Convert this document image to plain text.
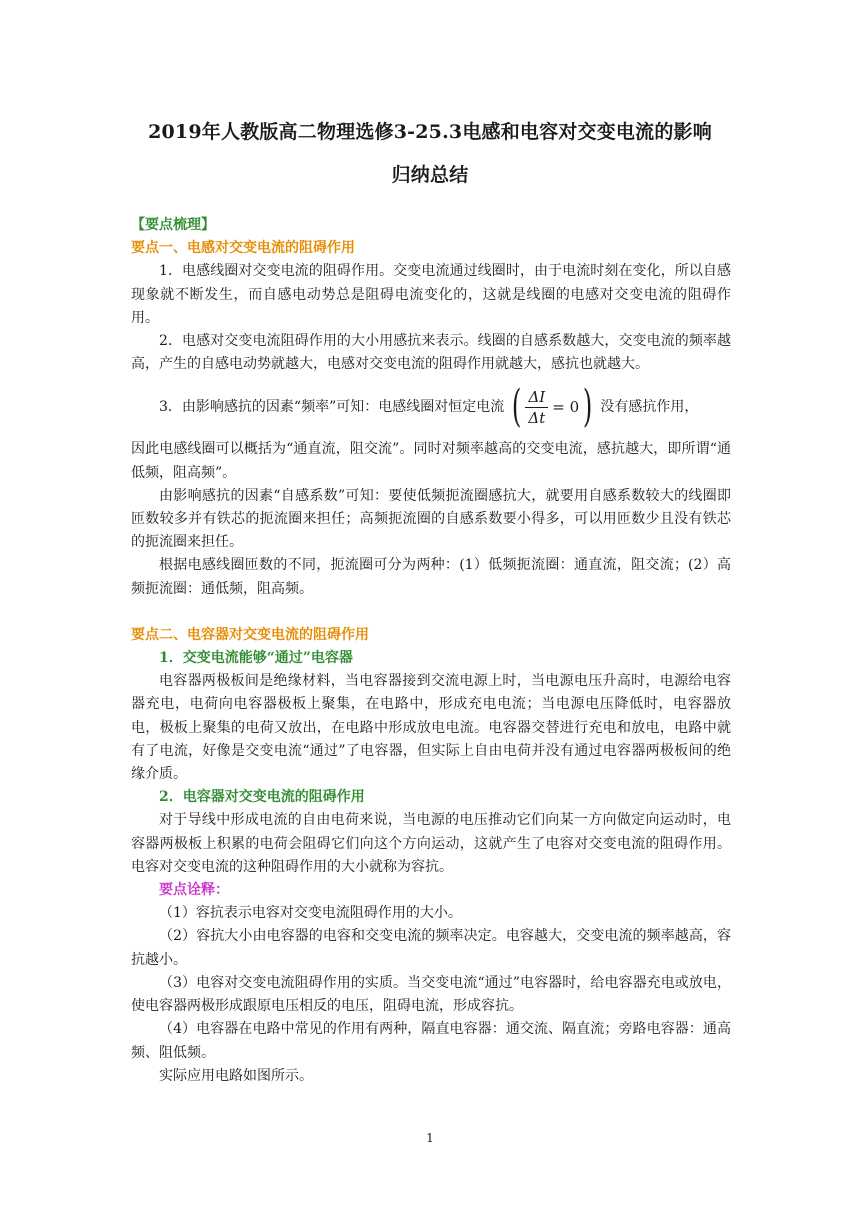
2019年人教版高二物理选修3-25.3电感和电容对交变电流的影响
归纳总结

【要点梳理】

要点一、电感对交变电流的阻碍作用

1．电感线圈对交变电流的阻碍作用。交变电流通过线圈时，由于电流时刻在变化，所以自感现象就不断发生，而自感电动势总是阻碍电流变化的，这就是线圈的电感对交变电流的阻碍作用。

2．电感对交变电流阻碍作用的大小用感抗来表示。线圈的自感系数越大，交变电流的频率越高，产生的自感电动势就越大，电感对交变电流的阻碍作用就越大，感抗也就越大。

3．由影响感抗的因素“频率”可知：电感线圈对恒定电流 ( $\frac{\Delta I}{\Delta t} = 0$ ) 没有感抗作用，

因此电感线圈可以概括为“通直流，阻交流”。同时对频率越高的交变电流，感抗越大，即所谓“通低频，阻高频”。

由影响感抗的因素“自感系数”可知：要使低频扼流圈感抗大，就要用自感系数较大的线圈即匝数较多并有铁芯的扼流圈来担任；高频扼流圈的自感系数要小得多，可以用匝数少且没有铁芯的扼流圈来担任。

根据电感线圈匝数的不同，扼流圈可分为两种：(1）低频扼流圈：通直流，阻交流；(2）高频扼流圈：通低频，阻高频。

要点二、电容器对交变电流的阻碍作用

1．交变电流能够“通过”电容器

电容器两极板间是绝缘材料，当电容器接到交流电源上时，当电源电压升高时，电源给电容器充电，电荷向电容器极板上聚集，在电路中，形成充电电流；当电源电压降低时，电容器放电，极板上聚集的电荷又放出，在电路中形成放电电流。电容器交替进行充电和放电，电路中就有了电流，好像是交变电流“通过”了电容器，但实际上自由电荷并没有通过电容器两极板间的绝缘介质。

2．电容器对交变电流的阻碍作用

对于导线中形成电流的自由电荷来说，当电源的电压推动它们向某一方向做定向运动时，电容器两极板上积累的电荷会阻碍它们向这个方向运动，这就产生了电容对交变电流的阻碍作用。电容对交变电流的这种阻碍作用的大小就称为容抗。

要点诠释：

（1）容抗表示电容对交变电流阻碍作用的大小。

（2）容抗大小由电容器的电容和交变电流的频率决定。电容越大，交变电流的频率越高，容抗越小。

（3）电容对交变电流阻碍作用的实质。当交变电流“通过”电容器时，给电容器充电或放电，使电容器两极形成跟原电压相反的电压，阻碍电流，形成容抗。

（4）电容器在电路中常见的作用有两种，隔直电容器：通交流、隔直流；旁路电容器：通高频、阻低频。

实际应用电路如图所示。

1
